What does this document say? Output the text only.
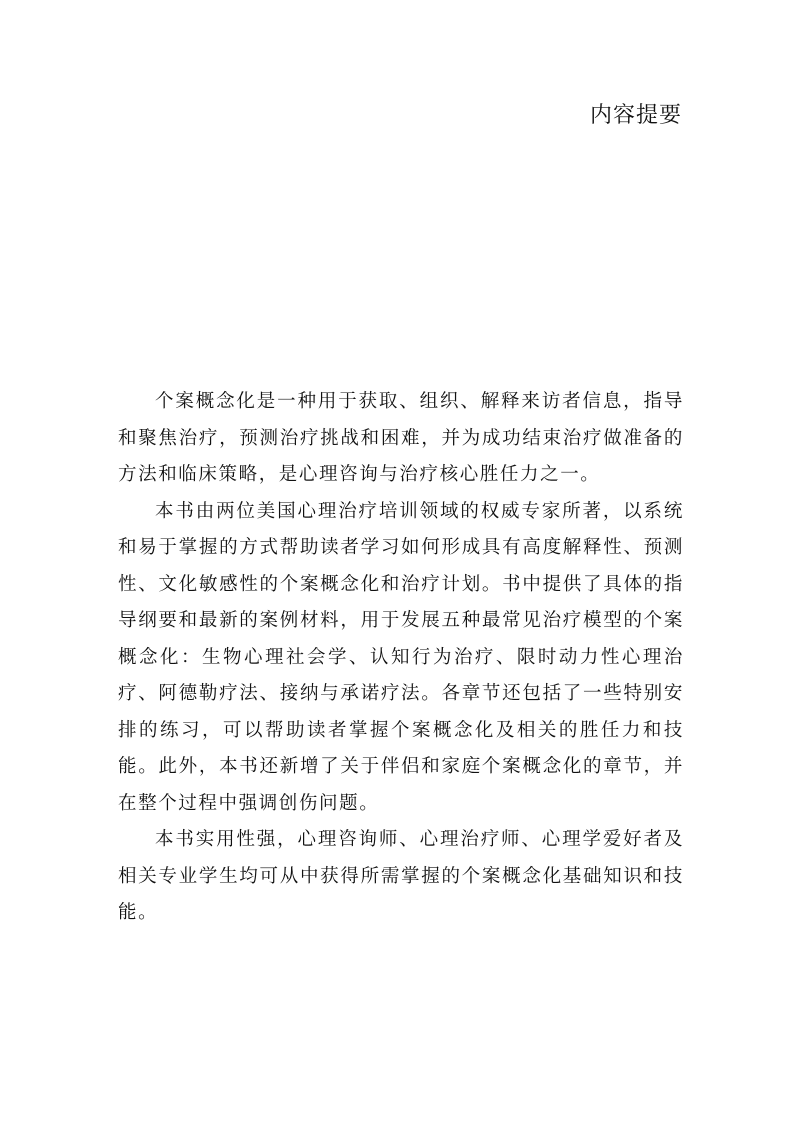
内容提要

个案概念化是一种用于获取、组织、解释来访者信息，指导和聚焦治疗，预测治疗挑战和困难，并为成功结束治疗做准备的方法和临床策略，是心理咨询与治疗核心胜任力之一。

本书由两位美国心理治疗培训领域的权威专家所著，以系统和易于掌握的方式帮助读者学习如何形成具有高度解释性、预测性、文化敏感性的个案概念化和治疗计划。书中提供了具体的指导纲要和最新的案例材料，用于发展五种最常见治疗模型的个案概念化：生物心理社会学、认知行为治疗、限时动力性心理治疗、阿德勒疗法、接纳与承诺疗法。各章节还包括了一些特别安排的练习，可以帮助读者掌握个案概念化及相关的胜任力和技能。此外，本书还新增了关于伴侣和家庭个案概念化的章节，并在整个过程中强调创伤问题。

本书实用性强，心理咨询师、心理治疗师、心理学爱好者及相关专业学生均可从中获得所需掌握的个案概念化基础知识和技能。
